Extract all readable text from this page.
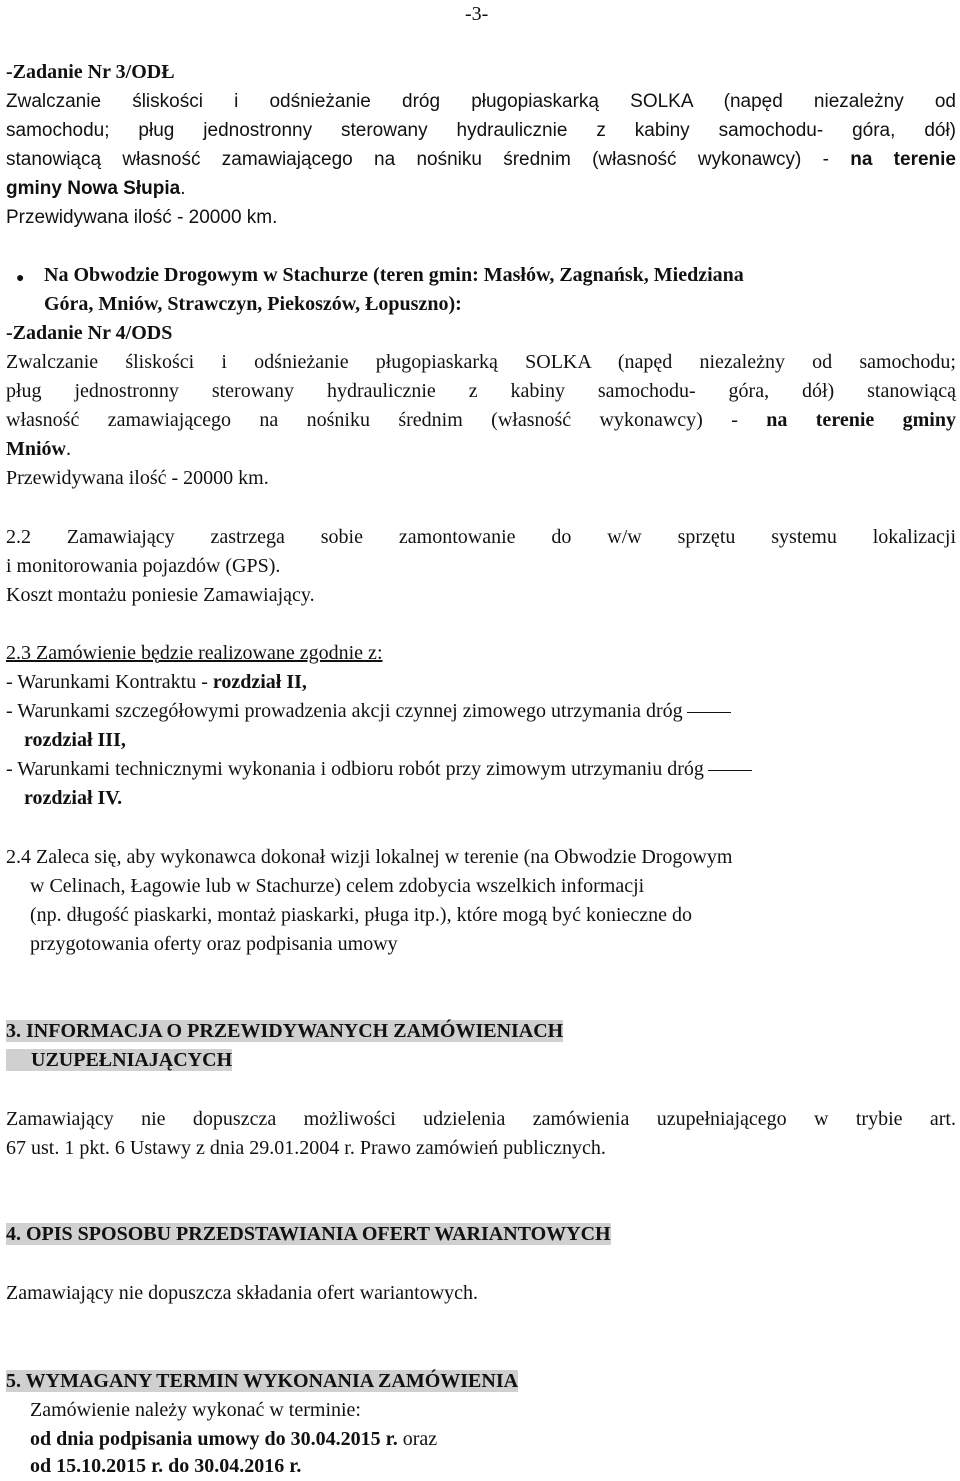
-3-
-Zadanie Nr 3/ODŁ
Zwalczanie śliskości i odśnieżanie dróg pługopiaskarką SOLKA (napęd niezależny od
samochodu; pług jednostronny sterowany hydraulicznie z kabiny samochodu- góra, dół)
stanowiącą własność zamawiającego na nośniku średnim (własność wykonawcy) - na terenie
gminy Nowa Słupia.
Przewidywana ilość - 20000 km.
● Na Obwodzie Drogowym w Stachurze (teren gmin: Masłów, Zagnańsk, Miedziana
Góra, Mniów, Strawczyn, Piekoszów, Łopuszno):
-Zadanie Nr 4/ODS
Zwalczanie śliskości i odśnieżanie pługopiaskarką SOLKA (napęd niezależny od samochodu;
pług jednostronny sterowany hydraulicznie z kabiny samochodu- góra, dół) stanowiącą
własność zamawiającego na nośniku średnim (własność wykonawcy) - na terenie gminy
Mniów.
Przewidywana ilość - 20000 km.
2.2 Zamawiający zastrzega sobie zamontowanie do w/w sprzętu systemu lokalizacji
i monitorowania pojazdów (GPS).
Koszt montażu poniesie Zamawiający.
2.3 Zamówienie będzie realizowane zgodnie z:
- Warunkami Kontraktu - rozdział II,
- Warunkami szczegółowymi prowadzenia akcji czynnej zimowego utrzymania dróg
rozdział III,
- Warunkami technicznymi wykonania i odbioru robót przy zimowym utrzymaniu dróg
rozdział IV.
2.4 Zaleca się, aby wykonawca dokonał wizji lokalnej w terenie (na Obwodzie Drogowym
w Celinach, Łagowie lub w Stachurze) celem zdobycia wszelkich informacji
(np. długość piaskarki, montaż piaskarki, pługa itp.), które mogą być konieczne do
przygotowania oferty oraz podpisania umowy
3. INFORMACJA O PRZEWIDYWANYCH ZAMÓWIENIACH
UZUPEŁNIAJĄCYCH
Zamawiający nie dopuszcza możliwości udzielenia zamówienia uzupełniającego w trybie art.
67 ust. 1 pkt. 6 Ustawy z dnia 29.01.2004 r. Prawo zamówień publicznych.
4. OPIS SPOSOBU PRZEDSTAWIANIA OFERT WARIANTOWYCH
Zamawiający nie dopuszcza składania ofert wariantowych.
5. WYMAGANY TERMIN WYKONANIA ZAMÓWIENIA
Zamówienie należy wykonać w terminie:
od dnia podpisania umowy do 30.04.2015 r. oraz
od 15.10.2015 r. do 30.04.2016 r.
